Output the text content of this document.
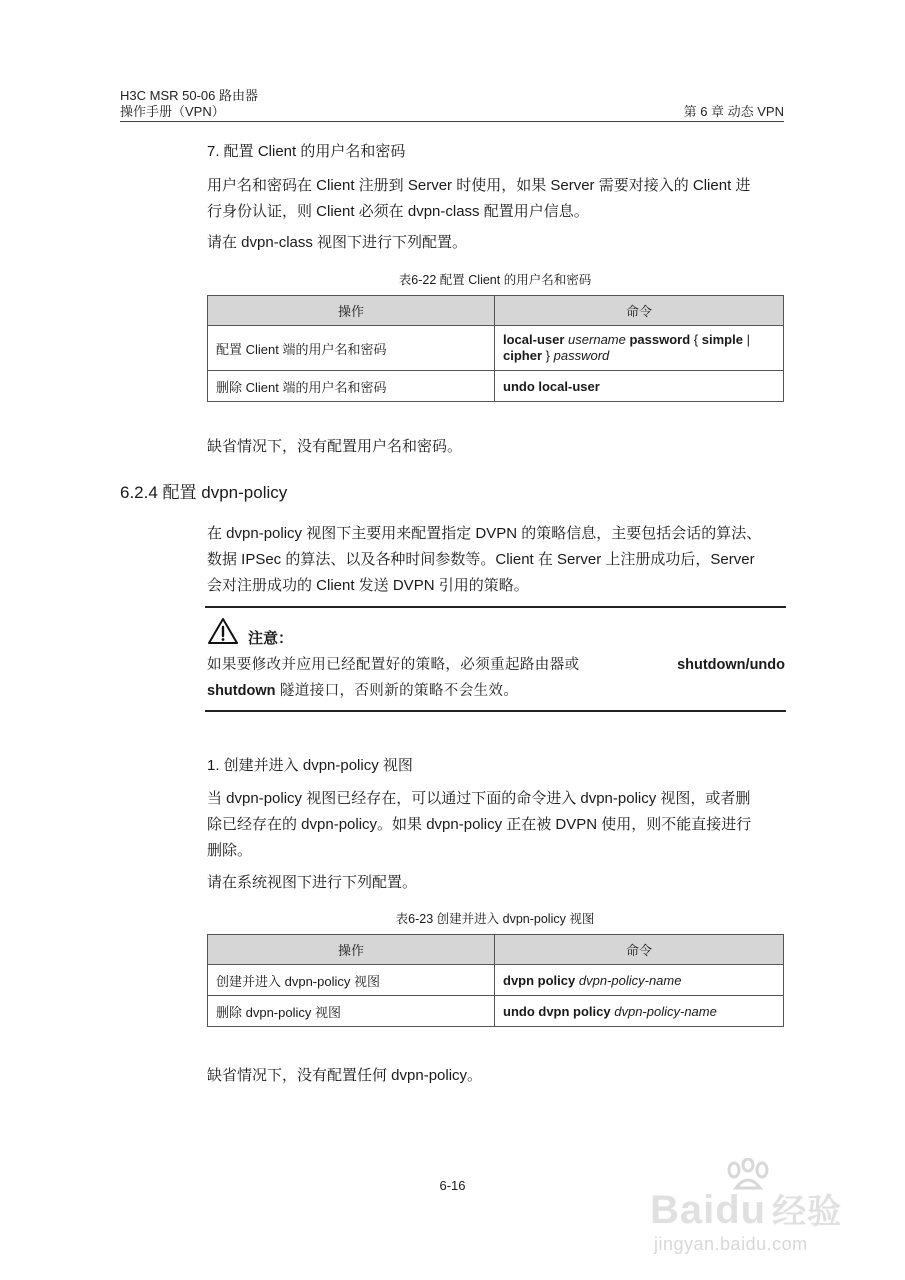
H3C MSR 50-06 路由器
操作手册（VPN）	第 6 章 动态 VPN
7. 配置 Client 的用户名和密码
用户名和密码在 Client 注册到 Server 时使用，如果 Server 需要对接入的 Client 进
行身份认证，则 Client 必须在 dvpn-class 配置用户信息。
请在 dvpn-class 视图下进行下列配置。
表6-22 配置 Client 的用户名和密码
操作	命令
配置 Client 端的用户名和密码	local-user username password { simple |
cipher } password
删除 Client 端的用户名和密码	undo local-user
缺省情况下，没有配置用户名和密码。
6.2.4 配置 dvpn-policy
在 dvpn-policy 视图下主要用来配置指定 DVPN 的策略信息，主要包括会话的算法、
数据 IPSec 的算法、以及各种时间参数等。Client 在 Server 上注册成功后，Server
会对注册成功的 Client 发送 DVPN 引用的策略。
注意：
如果要修改并应用已经配置好的策略，必须重起路由器或	shutdown/undo
shutdown 隧道接口，否则新的策略不会生效。
1. 创建并进入 dvpn-policy 视图
当 dvpn-policy 视图已经存在，可以通过下面的命令进入 dvpn-policy 视图，或者删
除已经存在的 dvpn-policy。如果 dvpn-policy 正在被 DVPN 使用，则不能直接进行
删除。
请在系统视图下进行下列配置。
表6-23 创建并进入 dvpn-policy 视图
操作	命令
创建并进入 dvpn-policy 视图	dvpn policy dvpn-policy-name
删除 dvpn-policy 视图	undo dvpn policy dvpn-policy-name
缺省情况下，没有配置任何 dvpn-policy。
6-16
Baidu 经验
jingyan.baidu.com
